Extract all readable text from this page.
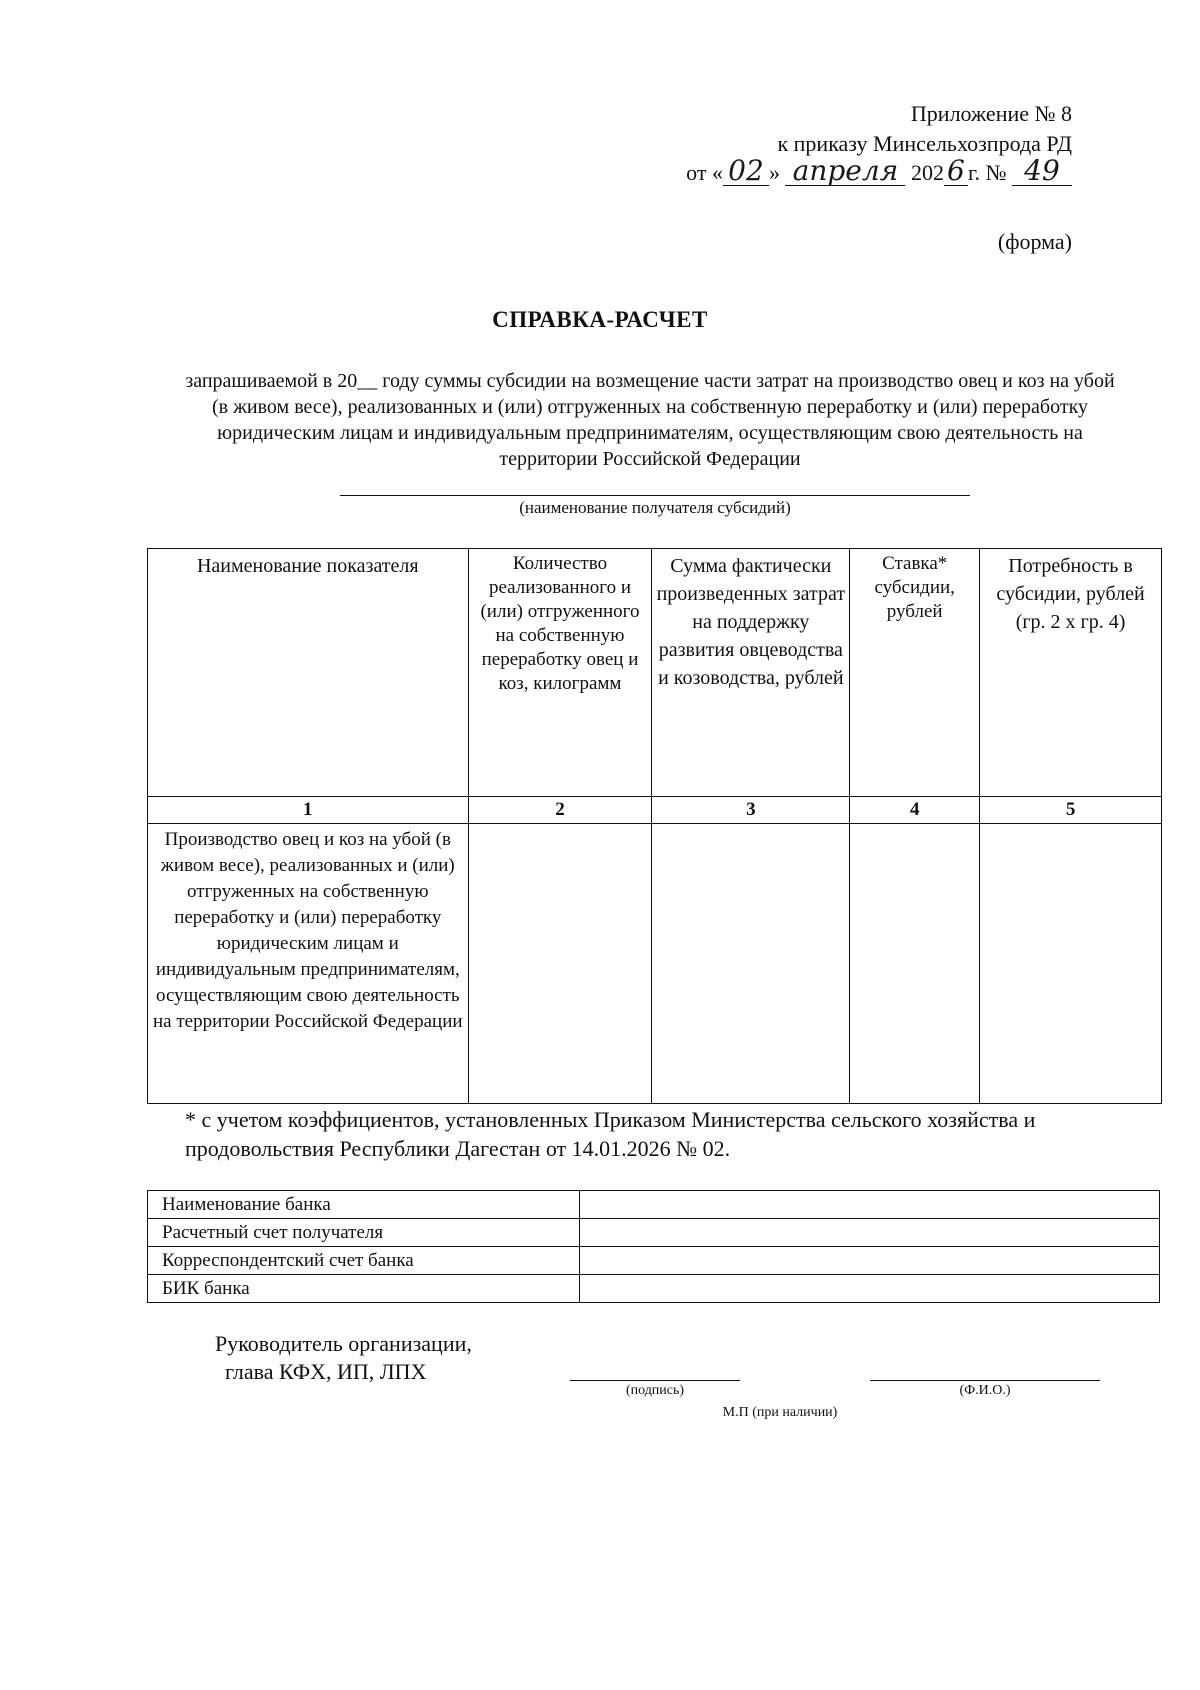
Приложение № 8
к приказу Минсельхозпрода РД
от « 02 » апреля 202 6 г. № 49
(форма)
СПРАВКА-РАСЧЕТ
запрашиваемой в 20__ году суммы субсидии на возмещение части затрат на производство овец и коз на убой (в живом весе), реализованных и (или) отгруженных на собственную переработку и (или) переработку юридическим лицам и индивидуальным предпринимателям, осуществляющим свою деятельность на территории Российской Федерации
(наименование получателя субсидий)
Наименование показателя	Количество реализованного и (или) отгруженного на собственную переработку овец и коз, килограмм	Сумма фактически произведенных затрат на поддержку развития овцеводства и козоводства, рублей	Ставка* субсидии, рублей	Потребность в субсидии, рублей (гр. 2 х гр. 4)
1	2	3	4	5
Производство овец и коз на убой (в живом весе), реализованных и (или) отгруженных на собственную переработку и (или) переработку юридическим лицам и индивидуальным предпринимателям, осуществляющим свою деятельность на территории Российской Федерации				
* с учетом коэффициентов, установленных Приказом Министерства сельского хозяйства и продовольствия Республики Дагестан от 14.01.2026 № 02.
Наименование банка	
Расчетный счет получателя	
Корреспондентский счет банка	
БИК банка	
Руководитель организации,
глава КФХ, ИП, ЛПХ
(подпись)	(Ф.И.О.)
М.П (при наличии)
